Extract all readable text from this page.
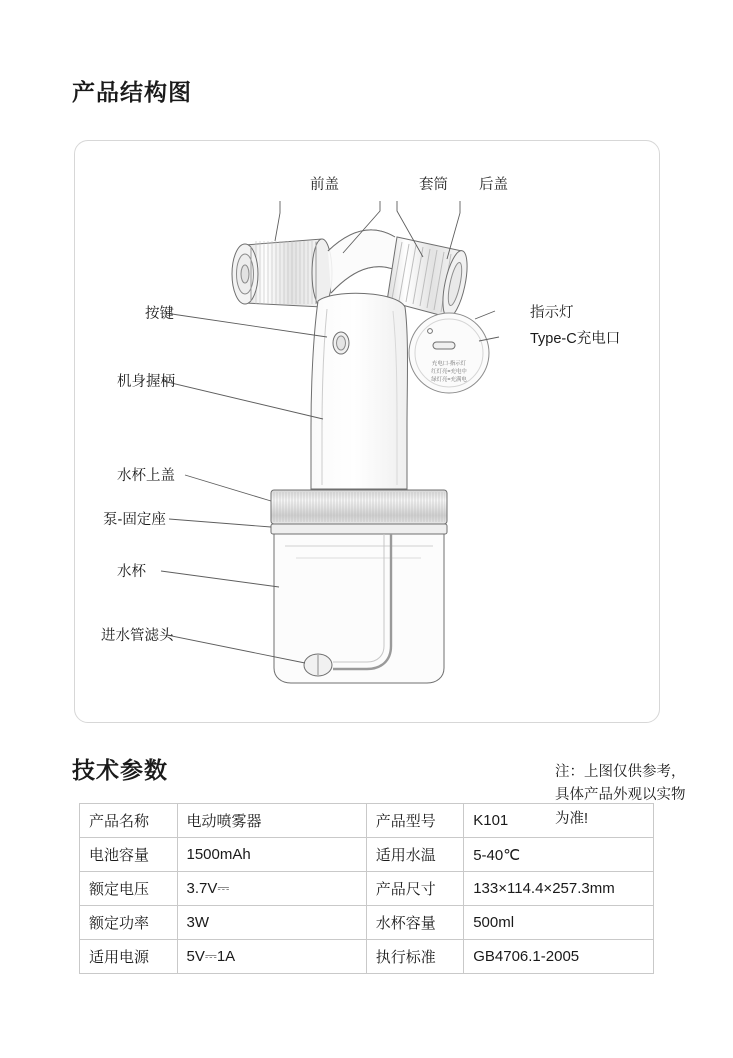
产品结构图
充电口·指示灯
红灯亮=充电中
绿灯亮=充满电
前盖	套筒 后盖
按键	指示灯
Type-C充电口
机身握柄
水杯上盖
泵-固定座
水杯
进水管滤头
注：上图仅供参考，具体产品外观以实物为准!
技术参数
产品名称	电动喷雾器	产品型号	K101
电池容量	1500mAh	适用水温	5-40℃
额定电压	3.7V⎓	产品尺寸	133×114.4×257.3mm
额定功率	3W	水杯容量	500ml
适用电源	5V⎓1A	执行标准	GB4706.1-2005
